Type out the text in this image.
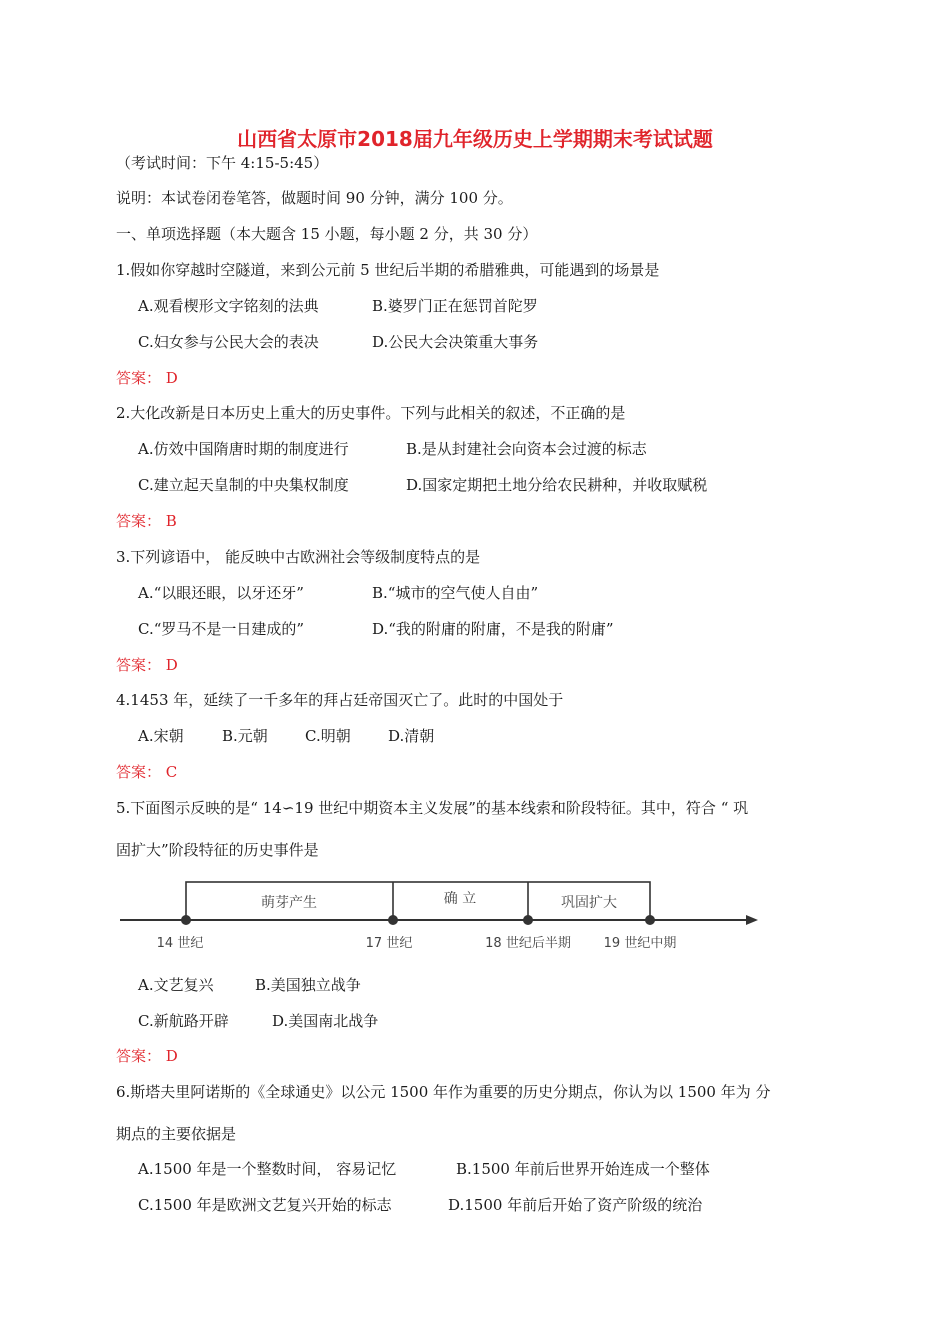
山西省太原市2018届九年级历史上学期期末考试试题
（考试时间：下午 4:15-5:45）
说明：本试卷闭卷笔答，做题时间 90 分钟，满分 100 分。
一、单项选择题（本大题含 15 小题，每小题 2 分，共 30 分）
1.假如你穿越时空隧道，来到公元前 5 世纪后半期的希腊雅典，可能遇到的场景是
A.观看楔形文字铭刻的法典	B.婆罗门正在惩罚首陀罗
C.妇女参与公民大会的表决	D.公民大会决策重大事务
答案： D
2.大化改新是日本历史上重大的历史事件。下列与此相关的叙述，不正确的是
A.仿效中国隋唐时期的制度进行	B.是从封建社会向资本会过渡的标志
C.建立起天皇制的中央集权制度	D.国家定期把土地分给农民耕种，并收取赋税
答案： B
3.下列谚语中， 能反映中古欧洲社会等级制度特点的是
A.“以眼还眼，以牙还牙”	B.“城市的空气使人自由”
C.“罗马不是一日建成的”	D.“我的附庸的附庸，不是我的附庸”
答案： D
4.1453 年，延续了一千多年的拜占廷帝国灭亡了。此时的中国处于
A.宋朝	B.元朝 C.明朝 D.清朝
答案： C
5.下面图示反映的是“ 14∽19 世纪中期资本主义发展”的基本线索和阶段特征。其中，符合 “ 巩
固扩大”阶段特征的历史事件是
萌芽产生	确 立	巩固扩大
14 世纪	17 世纪	18 世纪后半期	19 世纪中期
A.文艺复兴	B.美国独立战争
C.新航路开辟	D.美国南北战争
答案： D
6.斯塔夫里阿诺斯的《全球通史》以公元 1500 年作为重要的历史分期点，你认为以 1500 年为 分
期点的主要依据是
A.1500 年是一个整数时间， 容易记忆	B.1500 年前后世界开始连成一个整体
C.1500 年是欧洲文艺复兴开始的标志	D.1500 年前后开始了资产阶级的统治
